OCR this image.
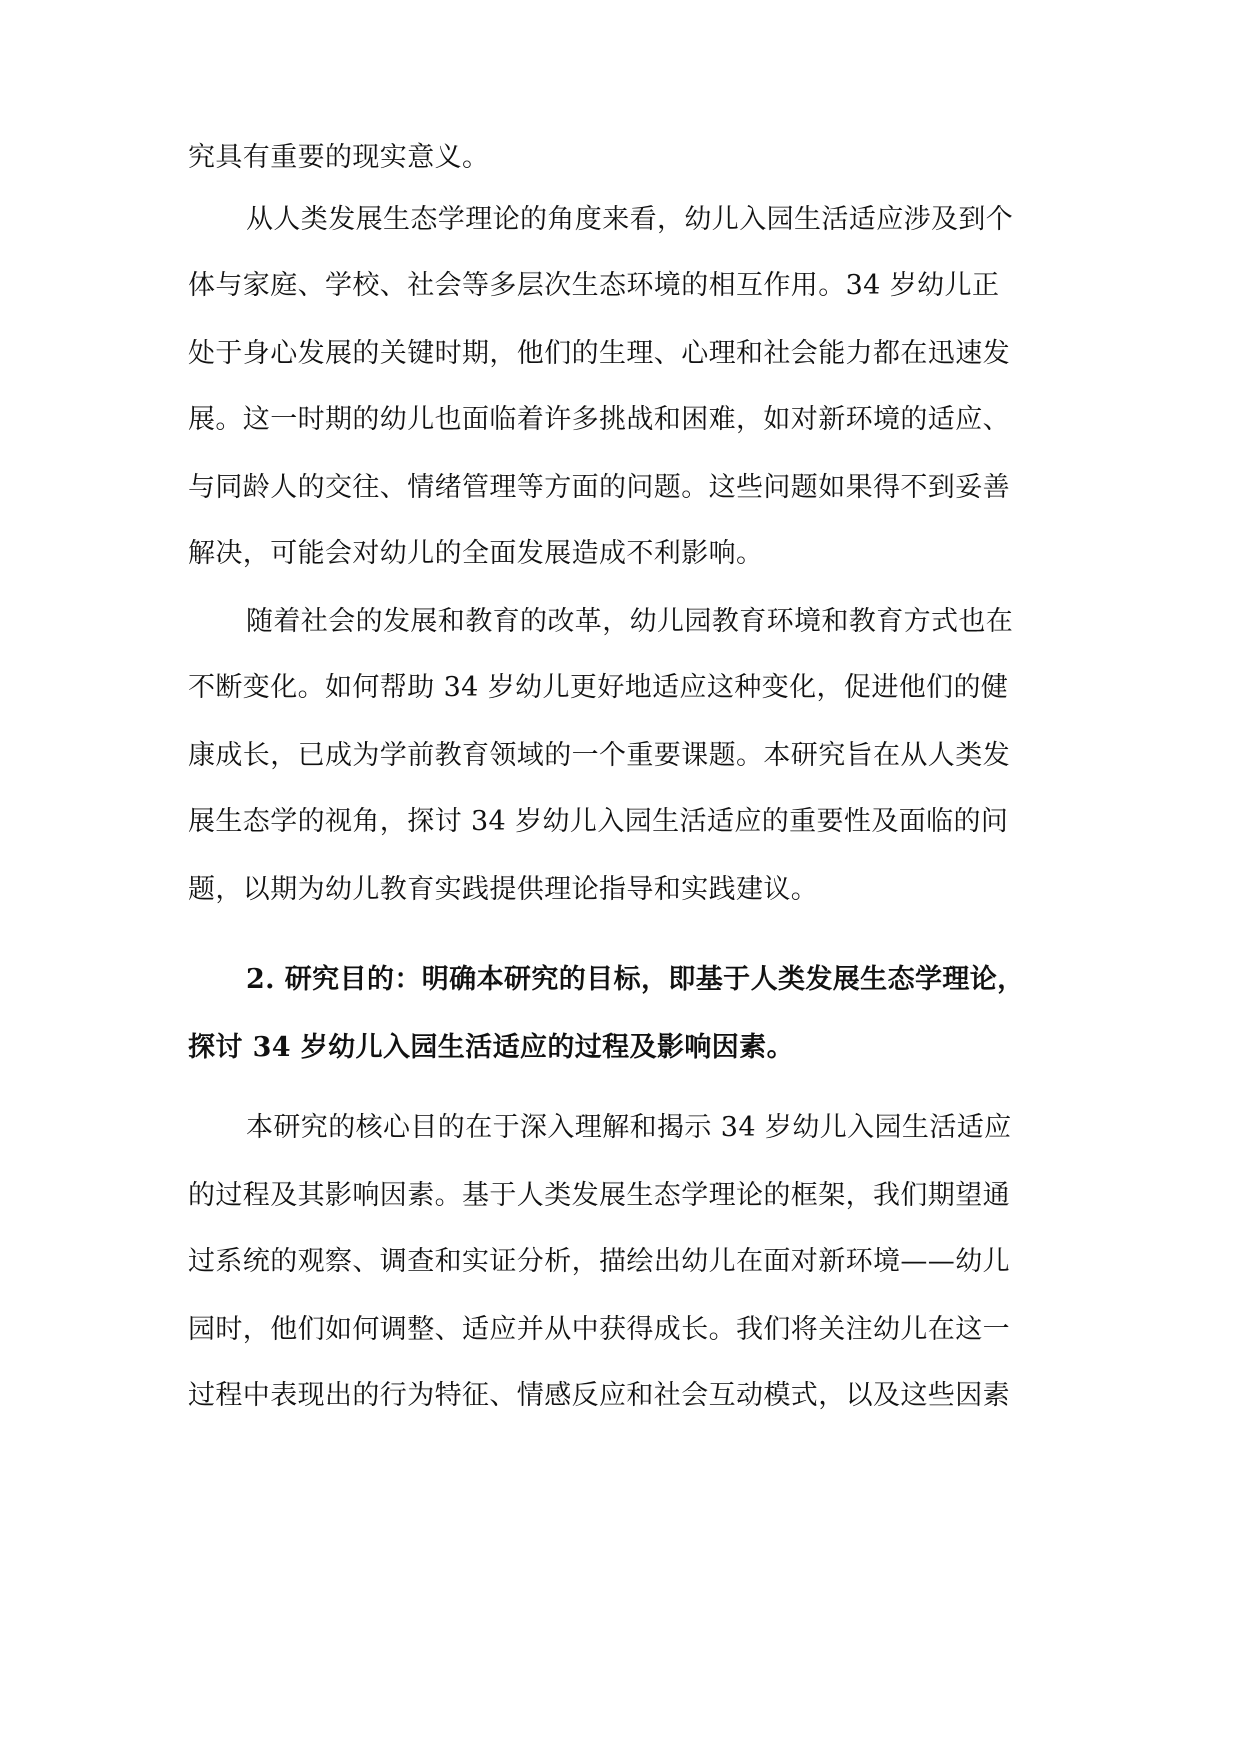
究具有重要的现实意义。
从人类发展生态学理论的角度来看，幼儿入园生活适应涉及到个
体与家庭、学校、社会等多层次生态环境的相互作用。34 岁幼儿正
处于身心发展的关键时期，他们的生理、心理和社会能力都在迅速发
展。这一时期的幼儿也面临着许多挑战和困难，如对新环境的适应、
与同龄人的交往、情绪管理等方面的问题。这些问题如果得不到妥善
解决，可能会对幼儿的全面发展造成不利影响。
随着社会的发展和教育的改革，幼儿园教育环境和教育方式也在
不断变化。如何帮助 34 岁幼儿更好地适应这种变化，促进他们的健
康成长，已成为学前教育领域的一个重要课题。本研究旨在从人类发
展生态学的视角，探讨 34 岁幼儿入园生活适应的重要性及面临的问
题，以期为幼儿教育实践提供理论指导和实践建议。
2. 研究目的：明确本研究的目标，即基于人类发展生态学理论，
探讨 34 岁幼儿入园生活适应的过程及影响因素。
本研究的核心目的在于深入理解和揭示 34 岁幼儿入园生活适应
的过程及其影响因素。基于人类发展生态学理论的框架，我们期望通
过系统的观察、调查和实证分析，描绘出幼儿在面对新环境——幼儿
园时，他们如何调整、适应并从中获得成长。我们将关注幼儿在这一
过程中表现出的行为特征、情感反应和社会互动模式，以及这些因素
